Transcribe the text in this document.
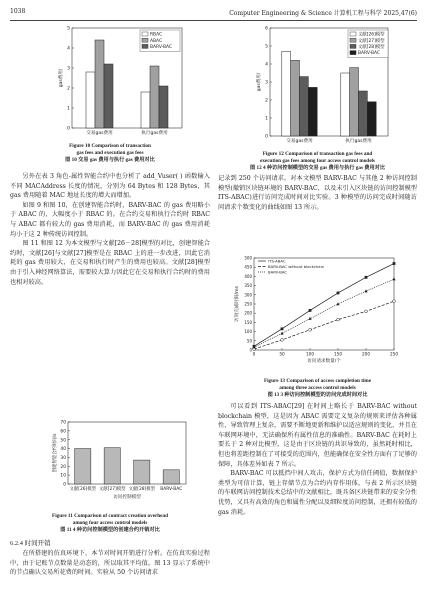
1038	Computer Engineering & Science 计算机工程与科学 2025,47(6)
0
1
2
3
4
5
gas费用/
交易gas费用	执行gas费用
RBAC
ABAC
BARV-BAC
Figure 10 Comparison of transaction
gas fees and execution gas fees
图 10 交易 gas 费用与执行 gas 费用对比

另外在表 3 角色-属性智能合约中也分析了 add_Vuser( ) 函数输入不同 MACAddress 长度的情况，分别为 64 Bytes 和 128 Bytes，其 gas 费用随着 MAC 地址长度的增大而增加。

如图 9 和图 10，在创建智能合约时，BARV-BAC 的 gas 费用略小于 ABAC 的，大幅度小于 RBAC 的。在合约交易和执行合约时 RBAC 与 ABAC 都有较大的 gas 费用消耗，而 BARV-BAC 的 gas 费用消耗均小于这 2 种传统访问控制。

图 11 和图 12 为本文模型与文献[26－28]模型的对比，创建智能合约时，文献[26]与文献[27]模型是在 RBAC 上的进一步改进，因此它消耗的 gas 费用较大，在交易和执行时产生的费用也较高。文献[28]模型由于引入神经网络算法，需要较大算力因此它在交易和执行合约时的费用也相对较高。

0
10
20
30
40
50
60
70
创建智能合约时间/s
文献[26]模型 文献[27]模型 文献[28]模型 BARV-BAC
访问控制模型
Figure 11 Comparison of contract creation overhead
among four access control models
图 11 4 种访问控制模型的创建合约开销对比
6.2.4 时间开销

在所搭建的仿真环境下，本节对时间开销进行分析。在仿真实验过程中，由于记账节点数量是动态的，所以取其平均值。图 13 显示了系统中的节点确认交易所花费的时间。实验从 50 个访问请求

0
1
2
3
4
5
6
gas费用/
交易gas费用	执行gas费用
文献[26]模型
文献[27]模型
文献[28]模型
BARV-BAC
Figure 12 Comparison of transaction gas fees and
execution gas fees among four access control models
图 12 4 种访问控制模型的交易 gas 费用与执行 gas 费用对比

记录到 250 个访问请求。对本文模型 BARV-BAC 与其他 2 种访问控制模型(撤销区块链环境的 BARV-BAC，以及未引入区块链的访问控制模型 ITS-ABAC)进行访问完成时间对比实验。3 种模型的访问完成时间随访问请求个数变化的曲线如图 13 所示。

0
50
100
150
200
250
300
350
400
450
500
0	50	100	150	200	250
访问请求数量/个
访问完成时间/ms
ITS-ABAC
BARV-BAC without blockchain
BARV-BAC
Figure 13 Comparison of access completion time
among three access control models
图 13 3 种访问控制模型的访问完成时间对比

可以看到 ITS-ABAC[29] 在时间上略长于 BARV-BAC without blockchain 模型，这是因为 ABAC 需要定义复杂的规则来评估各种属性，导致管理上复杂，需要不断地更新和维护以适应规则的变化，并且在车联网环境中，无法确保所有属性信息的准确性。BARV-BAC 在耗时上要长于 2 种对比模型，这是由于区块链的共识导致的，虽然耗时相比，但也将差距控制在了可接受的范围内，但能确保在安全性方面有了足够的保障，具体差异如表 7 所示。

BARV-BAC 可以抵挡中间人攻击，保护方式为信任阈值，数据保护类型为可信计算，链上存储节点为合约内存作用体，与表 2 所示区块链的车联网访问控制技术总结中的文献相比，既具备区块链带来的安全分性优势，又具有高效的角色和属性分配以及细粒度访问控制，还拥有较低的 gas 消耗。
